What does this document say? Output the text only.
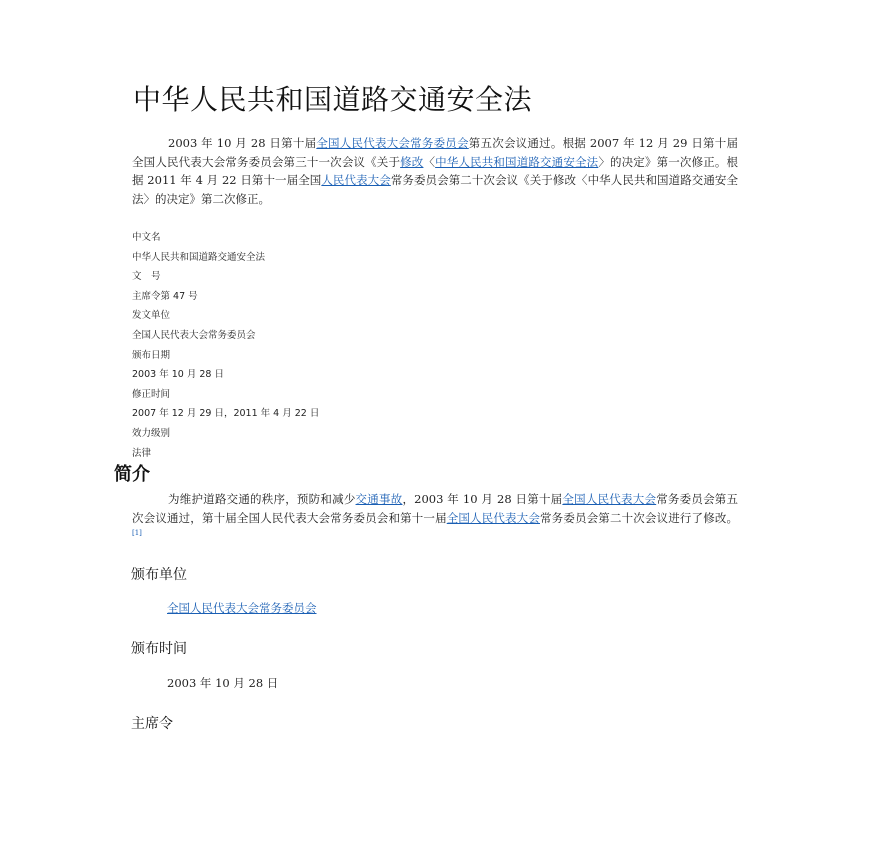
中华人民共和国道路交通安全法
2003 年 10 月 28 日第十届全国人民代表大会常务委员会第五次会议通过。根据 2007 年 12 月 29 日第十届全国人民代表大会常务委员会第三十一次会议《关于修改〈中华人民共和国道路交通安全法〉的决定》第一次修正。根据 2011 年 4 月 22 日第十一届全国人民代表大会常务委员会第二十次会议《关于修改〈中华人民共和国道路交通安全法〉的决定》第二次修正。
中文名
中华人民共和国道路交通安全法
文　号
主席令第 47 号
发文单位
全国人民代表大会常务委员会
颁布日期
2003 年 10 月 28 日
修正时间
2007 年 12 月 29 日，2011 年 4 月 22 日
效力级别
法律
简介
为维护道路交通的秩序，预防和减少交通事故，2003 年 10 月 28 日第十届全国人民代表大会常务委员会第五次会议通过，第十届全国人民代表大会常务委员会和第十一届全国人民代表大会常务委员会第二十次会议进行了修改。[1]
颁布单位
全国人民代表大会常务委员会
颁布时间
2003 年 10 月 28 日
主席令
